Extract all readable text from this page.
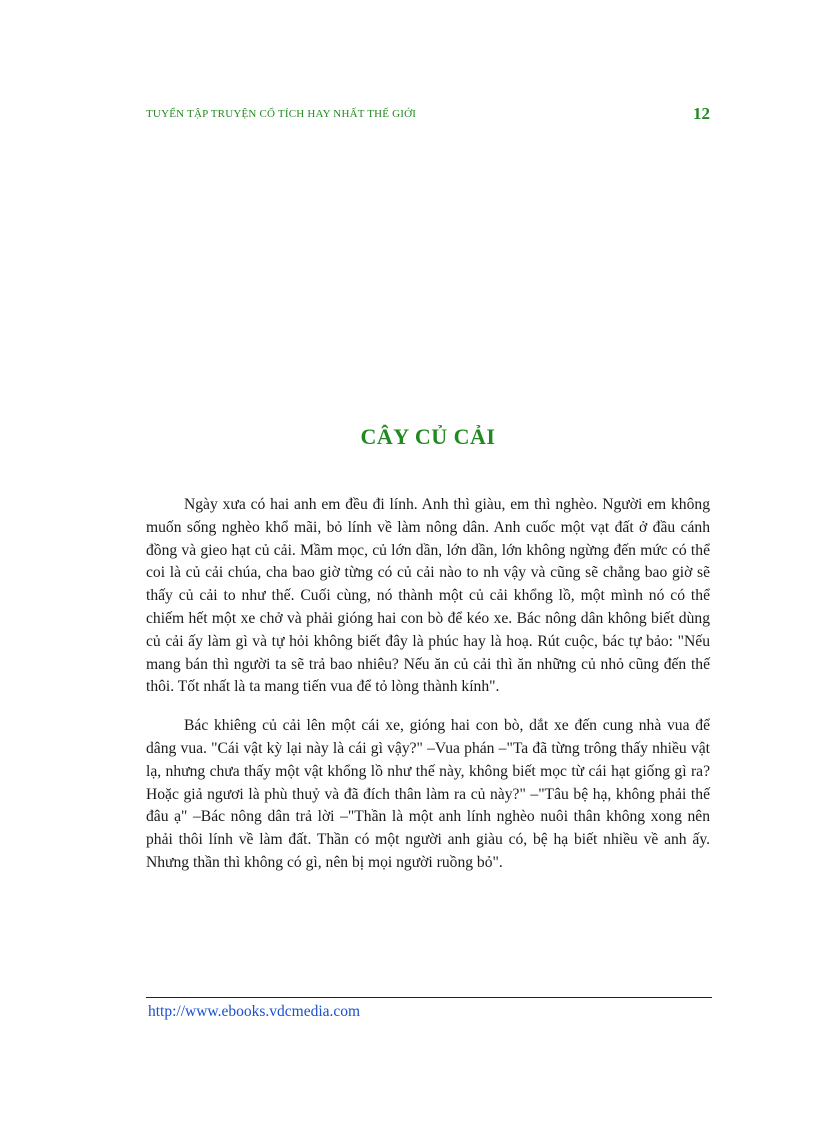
TUYỂN TẬP TRUYỆN CỔ TÍCH HAY NHẤT THẾ GIỚI	12
CÂY CỦ CẢI

Ngày xưa có hai anh em đều đi lính. Anh thì giàu, em thì nghèo. Người em không muốn sống nghèo khổ mãi, bỏ lính về làm nông dân. Anh cuốc một vạt đất ở đầu cánh đồng và gieo hạt củ cải. Mầm mọc, củ lớn dần, lớn dần, lớn không ngừng đến mức có thể coi là củ cải chúa, cha bao giờ từng có củ cải nào to nh vậy và cũng sẽ chẳng bao giờ sẽ thấy củ cải to như thế. Cuối cùng, nó thành một củ cải khổng lồ, một mình nó có thể chiếm hết một xe chở và phải gióng hai con bò để kéo xe. Bác nông dân không biết dùng củ cải ấy làm gì và tự hỏi không biết đây là phúc hay là hoạ. Rút cuộc, bác tự bảo: "Nếu mang bán thì người ta sẽ trả bao nhiêu? Nếu ăn củ cải thì ăn những củ nhỏ cũng đến thế thôi. Tốt nhất là ta mang tiến vua để tỏ lòng thành kính".

Bác khiêng củ cải lên một cái xe, gióng hai con bò, dắt xe đến cung nhà vua để dâng vua. "Cái vật kỳ lại này là cái gì vậy?" –Vua phán –"Ta đã từng trông thấy nhiều vật lạ, nhưng chưa thấy một vật khổng lồ như thế này, không biết mọc từ cái hạt giống gì ra? Hoặc giả ngươi là phù thuỷ và đã đích thân làm ra củ này?" –"Tâu bệ hạ, không phải thế đâu ạ" –Bác nông dân trả lời –"Thần là một anh lính nghèo nuôi thân không xong nên phải thôi lính về làm đất. Thần có một người anh giàu có, bệ hạ biết nhiều về anh ấy. Nhưng thần thì không có gì, nên bị mọi người ruồng bỏ".

http://www.ebooks.vdcmedia.com
